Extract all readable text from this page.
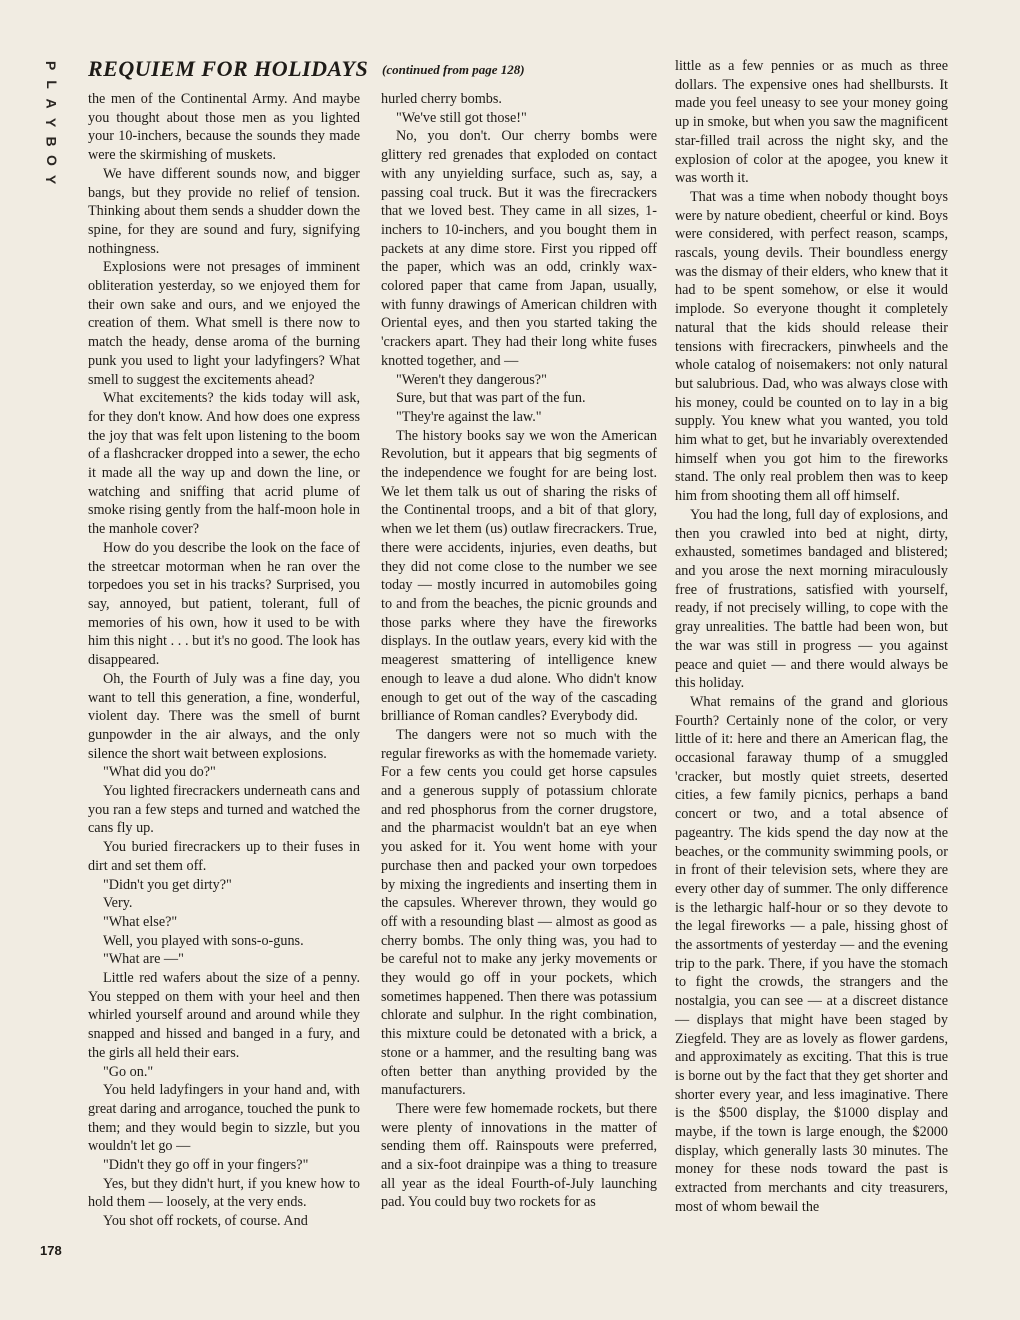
P
L
A
Y
B
O
Y
REQUIEM FOR HOLIDAYS (continued from page 128)

the men of the Continental Army. And maybe you thought about those men as you lighted your 10-inchers, because the sounds they made were the skirmishing of muskets.

We have different sounds now, and bigger bangs, but they provide no relief of tension. Thinking about them sends a shudder down the spine, for they are sound and fury, signifying nothingness.

Explosions were not presages of imminent obliteration yesterday, so we enjoyed them for their own sake and ours, and we enjoyed the creation of them. What smell is there now to match the heady, dense aroma of the burning punk you used to light your ladyfingers? What smell to suggest the excitements ahead?

What excitements? the kids today will ask, for they don't know. And how does one express the joy that was felt upon listening to the boom of a flashcracker dropped into a sewer, the echo it made all the way up and down the line, or watching and sniffing that acrid plume of smoke rising gently from the half-moon hole in the manhole cover?

How do you describe the look on the face of the streetcar motorman when he ran over the torpedoes you set in his tracks? Surprised, you say, annoyed, but patient, tolerant, full of memories of his own, how it used to be with him this night . . . but it's no good. The look has disappeared.

Oh, the Fourth of July was a fine day, you want to tell this generation, a fine, wonderful, violent day. There was the smell of burnt gunpowder in the air always, and the only silence the short wait between explosions.

"What did you do?"

You lighted firecrackers underneath cans and you ran a few steps and turned and watched the cans fly up.

You buried firecrackers up to their fuses in dirt and set them off.

"Didn't you get dirty?"

Very.

"What else?"

Well, you played with sons-o-guns.

"What are —"

Little red wafers about the size of a penny. You stepped on them with your heel and then whirled yourself around and around while they snapped and hissed and banged in a fury, and the girls all held their ears.

"Go on."

You held ladyfingers in your hand and, with great daring and arrogance, touched the punk to them; and they would begin to sizzle, but you wouldn't let go —

"Didn't they go off in your fingers?"

Yes, but they didn't hurt, if you knew how to hold them — loosely, at the very ends.

You shot off rockets, of course. And

hurled cherry bombs.

"We've still got those!"

No, you don't. Our cherry bombs were glittery red grenades that exploded on contact with any unyielding surface, such as, say, a passing coal truck. But it was the firecrackers that we loved best. They came in all sizes, 1-inchers to 10-inchers, and you bought them in packets at any dime store. First you ripped off the paper, which was an odd, crinkly wax-colored paper that came from Japan, usually, with funny drawings of American children with Oriental eyes, and then you started taking the 'crackers apart. They had their long white fuses knotted together, and —

"Weren't they dangerous?"

Sure, but that was part of the fun.

"They're against the law."

The history books say we won the American Revolution, but it appears that big segments of the independence we fought for are being lost. We let them talk us out of sharing the risks of the Continental troops, and a bit of that glory, when we let them (us) outlaw firecrackers. True, there were accidents, injuries, even deaths, but they did not come close to the number we see today — mostly incurred in automobiles going to and from the beaches, the picnic grounds and those parks where they have the fireworks displays. In the outlaw years, every kid with the meagerest smattering of intelligence knew enough to leave a dud alone. Who didn't know enough to get out of the way of the cascading brilliance of Roman candles? Everybody did.

The dangers were not so much with the regular fireworks as with the homemade variety. For a few cents you could get horse capsules and a generous supply of potassium chlorate and red phosphorus from the corner drugstore, and the pharmacist wouldn't bat an eye when you asked for it. You went home with your purchase then and packed your own torpedoes by mixing the ingredients and inserting them in the capsules. Wherever thrown, they would go off with a resounding blast — almost as good as cherry bombs. The only thing was, you had to be careful not to make any jerky movements or they would go off in your pockets, which sometimes happened. Then there was potassium chlorate and sulphur. In the right combination, this mixture could be detonated with a brick, a stone or a hammer, and the resulting bang was often better than anything provided by the manufacturers.

There were few homemade rockets, but there were plenty of innovations in the matter of sending them off. Rainspouts were preferred, and a six-foot drainpipe was a thing to treasure all year as the ideal Fourth-of-July launching pad. You could buy two rockets for as

little as a few pennies or as much as three dollars. The expensive ones had shellbursts. It made you feel uneasy to see your money going up in smoke, but when you saw the magnificent star-filled trail across the night sky, and the explosion of color at the apogee, you knew it was worth it.

That was a time when nobody thought boys were by nature obedient, cheerful or kind. Boys were considered, with perfect reason, scamps, rascals, young devils. Their boundless energy was the dismay of their elders, who knew that it had to be spent somehow, or else it would implode. So everyone thought it completely natural that the kids should release their tensions with firecrackers, pinwheels and the whole catalog of noisemakers: not only natural but salubrious. Dad, who was always close with his money, could be counted on to lay in a big supply. You knew what you wanted, you told him what to get, but he invariably overextended himself when you got him to the fireworks stand. The only real problem then was to keep him from shooting them all off himself.

You had the long, full day of explosions, and then you crawled into bed at night, dirty, exhausted, sometimes bandaged and blistered; and you arose the next morning miraculously free of frustrations, satisfied with yourself, ready, if not precisely willing, to cope with the gray unrealities. The battle had been won, but the war was still in progress — you against peace and quiet — and there would always be this holiday.

What remains of the grand and glorious Fourth? Certainly none of the color, or very little of it: here and there an American flag, the occasional faraway thump of a smuggled 'cracker, but mostly quiet streets, deserted cities, a few family picnics, perhaps a band concert or two, and a total absence of pageantry. The kids spend the day now at the beaches, or the community swimming pools, or in front of their television sets, where they are every other day of summer. The only difference is the lethargic half-hour or so they devote to the legal fireworks — a pale, hissing ghost of the assortments of yesterday — and the evening trip to the park. There, if you have the stomach to fight the crowds, the strangers and the nostalgia, you can see — at a discreet distance — displays that might have been staged by Ziegfeld. They are as lovely as flower gardens, and approximately as exciting. That this is true is borne out by the fact that they get shorter and shorter every year, and less imaginative. There is the $500 display, the $1000 display and maybe, if the town is large enough, the $2000 display, which generally lasts 30 minutes. The money for these nods toward the past is extracted from merchants and city treasurers, most of whom bewail the

178
